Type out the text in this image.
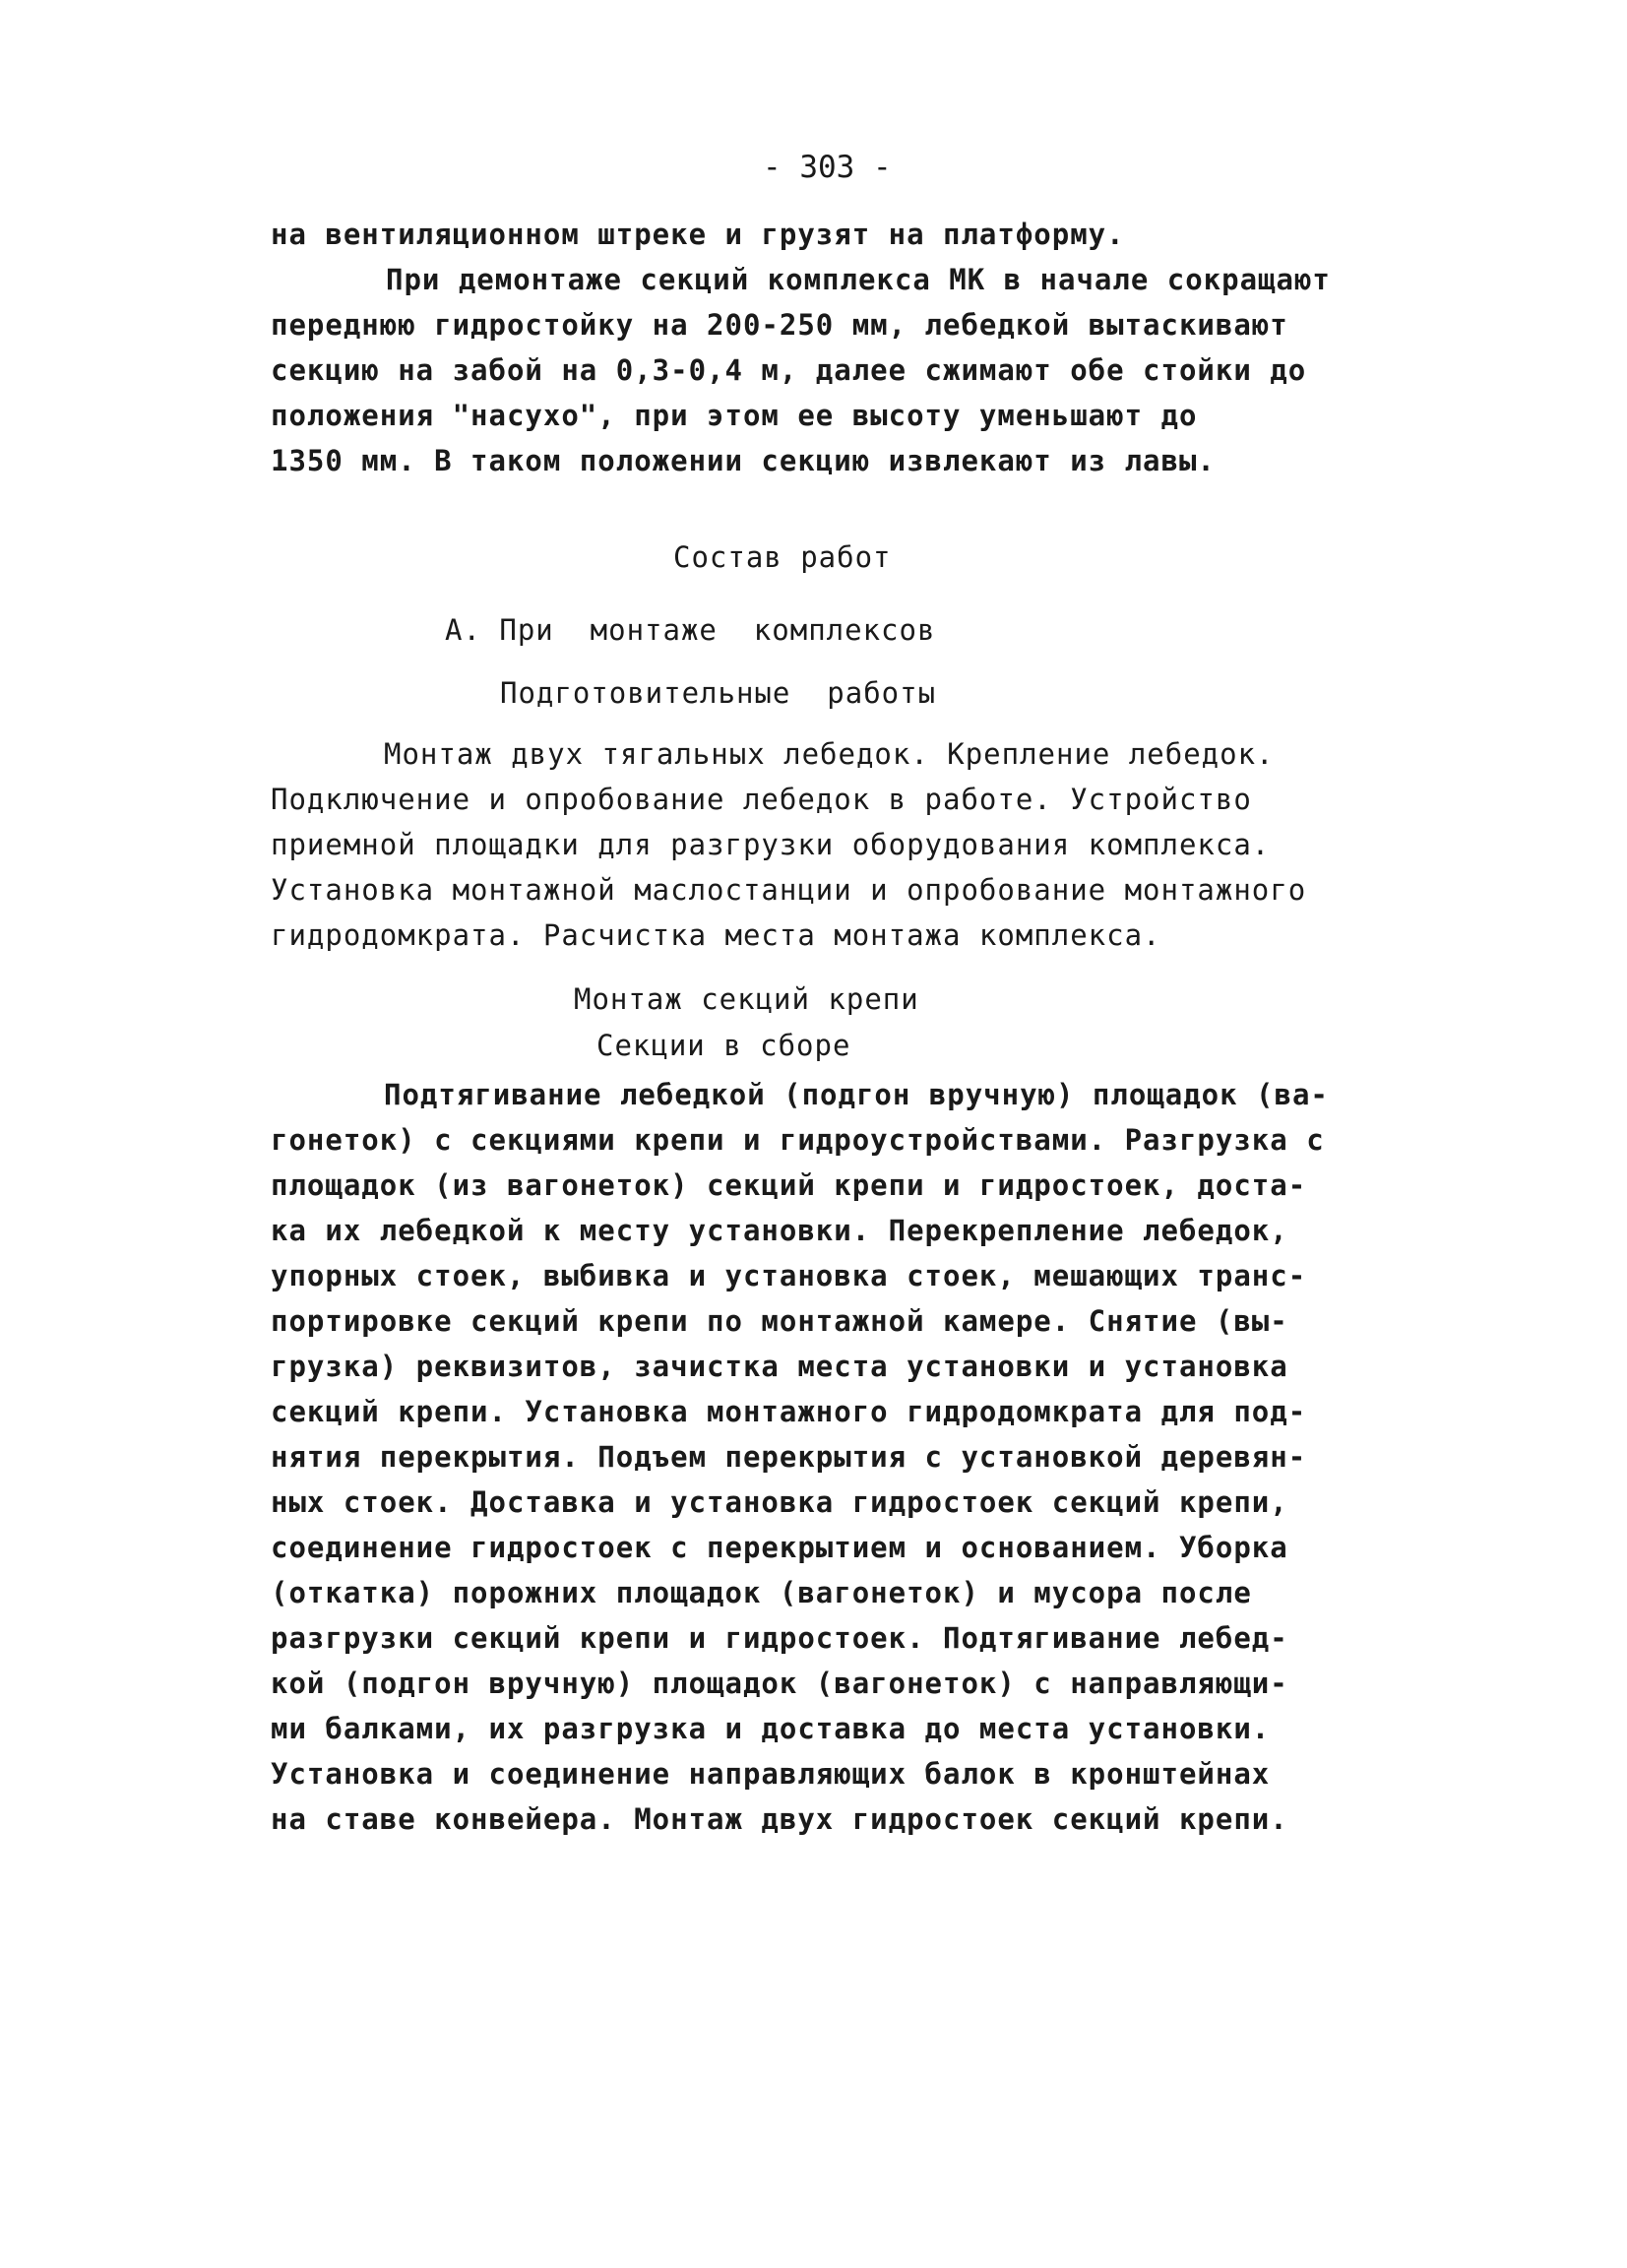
- 303 -
на вентиляционном штреке и грузят на платформу.
При демонтаже секций комплекса МК в начале сокращают
переднюю гидростойку на 200-250 мм, лебедкой вытаскивают
секцию на забой на 0,3-0,4 м, далее сжимают обе стойки до
положения "насухо", при этом ее высоту уменьшают до
1350 мм. В таком положении секцию извлекают из лавы.
Состав работ
А. При  монтаже  комплексов
Подготовительные  работы
Монтаж двух тягальных лебедок. Крепление лебедок.
Подключение и опробование лебедок в работе. Устройство
приемной площадки для разгрузки оборудования комплекса.
Установка монтажной маслостанции и опробование монтажного
гидродомкрата. Расчистка места монтажа комплекса.
Монтаж секций крепи
Секции в сборе
Подтягивание лебедкой (подгон вручную) площадок (ва-
гонеток) с секциями крепи и гидроустройствами. Разгрузка с
площадок (из вагонеток) секций крепи и гидростоек, доста-
ка их лебедкой к месту установки. Перекрепление лебедок,
упорных стоек, выбивка и установка стоек, мешающих транс-
портировке секций крепи по монтажной камере. Снятие (вы-
грузка) реквизитов, зачистка места установки и установка
секций крепи. Установка монтажного гидродомкрата для под-
нятия перекрытия. Подъем перекрытия с установкой деревян-
ных стоек. Доставка и установка гидростоек секций крепи,
соединение гидростоек с перекрытием и основанием. Уборка
(откатка) порожних площадок (вагонеток) и мусора после
разгрузки секций крепи и гидростоек. Подтягивание лебед-
кой (подгон вручную) площадок (вагонеток) с направляющи-
ми балками, их разгрузка и доставка до места установки.
Установка и соединение направляющих балок в кронштейнах
на ставе конвейера. Монтаж двух гидростоек секций крепи.
